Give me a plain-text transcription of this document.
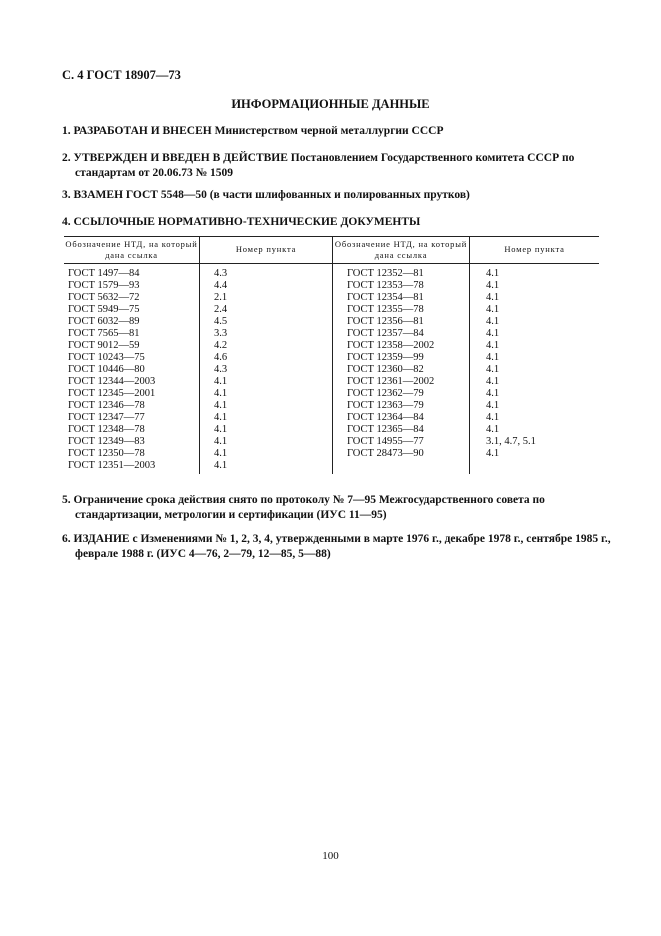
С. 4 ГОСТ 18907—73
ИНФОРМАЦИОННЫЕ ДАННЫЕ
1. РАЗРАБОТАН И ВНЕСЕН Министерством черной металлургии СССР
2. УТВЕРЖДЕН И ВВЕДЕН В ДЕЙСТВИЕ Постановлением Государственного комитета СССР по стандартам от 20.06.73 № 1509
3. ВЗАМЕН ГОСТ 5548—50 (в части шлифованных и полированных прутков)
4. ССЫЛОЧНЫЕ НОРМАТИВНО-ТЕХНИЧЕСКИЕ ДОКУМЕНТЫ
Обозначение НТД, на который дана ссылка
Номер пункта	Обозначение НТД, на который дана ссылка
Номер пункта
ГОСТ 1497—84
ГОСТ 1579—93
ГОСТ 5632—72
ГОСТ 5949—75
ГОСТ 6032—89
ГОСТ 7565—81
ГОСТ 9012—59
ГОСТ 10243—75
ГОСТ 10446—80
ГОСТ 12344—2003
ГОСТ 12345—2001
ГОСТ 12346—78
ГОСТ 12347—77
ГОСТ 12348—78
ГОСТ 12349—83
ГОСТ 12350—78
ГОСТ 12351—2003
4.3
4.4
2.1
2.4
4.5
3.3
4.2
4.6
4.3
4.1
4.1
4.1
4.1
4.1
4.1
4.1
4.1
ГОСТ 12352—81
ГОСТ 12353—78
ГОСТ 12354—81
ГОСТ 12355—78
ГОСТ 12356—81
ГОСТ 12357—84
ГОСТ 12358—2002
ГОСТ 12359—99
ГОСТ 12360—82
ГОСТ 12361—2002
ГОСТ 12362—79
ГОСТ 12363—79
ГОСТ 12364—84
ГОСТ 12365—84
ГОСТ 14955—77
ГОСТ 28473—90
4.1
4.1
4.1
4.1
4.1
4.1
4.1
4.1
4.1
4.1
4.1
4.1
4.1
4.1
3.1, 4.7, 5.1
4.1
5. Ограничение срока действия снято по протоколу № 7—95 Межгосударственного совета по стандартизации, метрологии и сертификации (ИУС 11—95)
6. ИЗДАНИЕ с Изменениями № 1, 2, 3, 4, утвержденными в марте 1976 г., декабре 1978 г., сентябре 1985 г., феврале 1988 г. (ИУС 4—76, 2—79, 12—85, 5—88)
100
